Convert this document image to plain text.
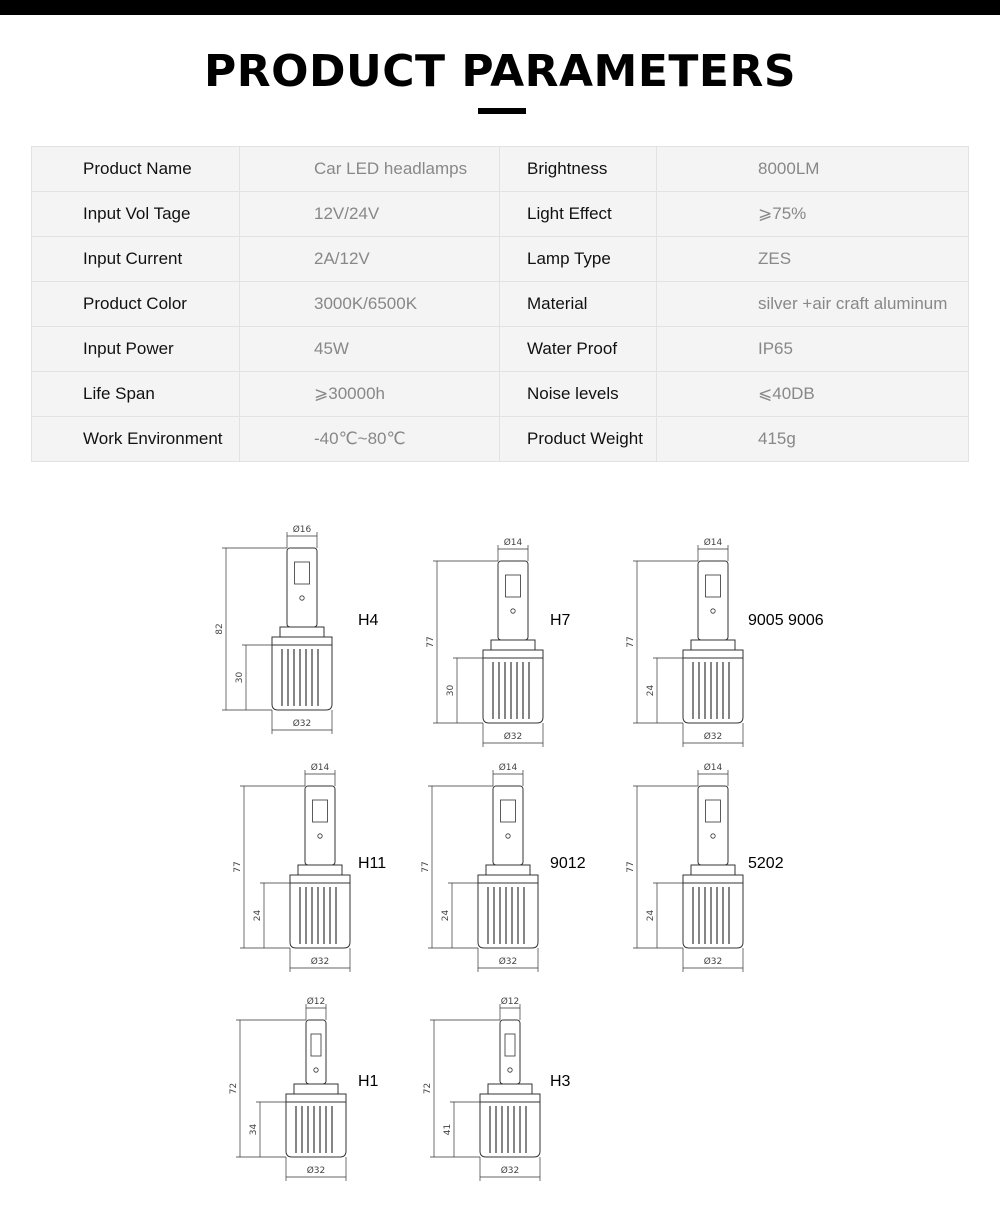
PRODUCT PARAMETERS
Product Name	Car LED headlamps	Brightness	8000LM
Input Vol Tage	12V/24V	Light Effect	⩾75%
Input Current	2A/12V	Lamp Type	ZES
Product Color	3000K/6500K	Material	silver +air craft aluminum
Input Power	45W	Water Proof	IP65
Life Span	⩾30000h	Noise levels	⩽40DB
Work Environment	-40℃~80℃	Product Weight	415g
82
30
Ø16
Ø32
H4
77
30
Ø14
Ø32
H7
77
24
Ø14
Ø32
9005 9006
77
24
Ø14
Ø32
H11	77
24
Ø14
Ø32
9012	77
24
Ø14
Ø32
5202
72
34
Ø12
Ø32
H1	72
41
Ø12
Ø32
H3
